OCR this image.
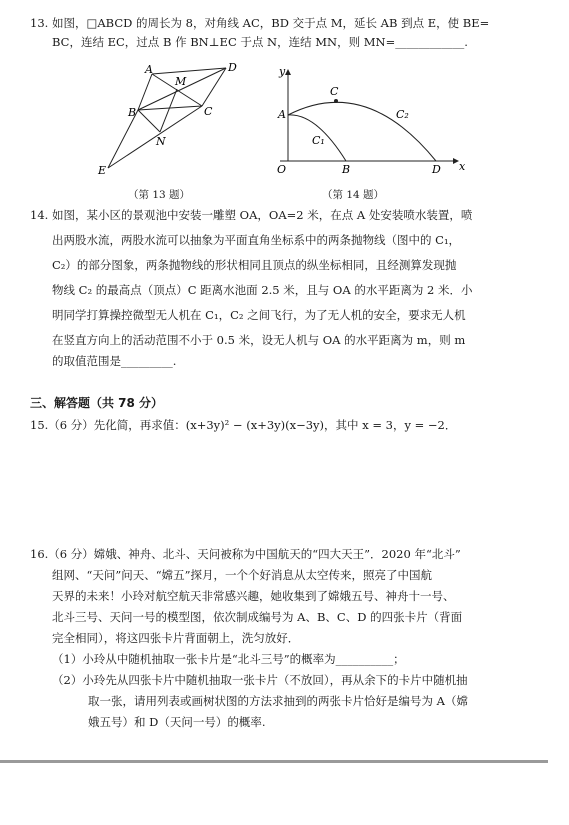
13. 如图，□ABCD 的周长为 8，对角线 AC，BD 交于点 M，延长 AB 到点 E，使 BE=
BC，连结 EC，过点 B 作 BN⊥EC 于点 N，连结 MN，则 MN=____________.
A	D
M
B	C
N
E
（第 13 题）
y
x
O
A
C
C₁
C₂
B	D
（第 14 题）
14. 如图，某小区的景观池中安装一雕塑 OA，OA=2 米，在点 A 处安装喷水装置，喷
出两股水流，两股水流可以抽象为平面直角坐标系中的两条抛物线（图中的 C₁，
C₂）的部分图象，两条抛物线的形状相同且顶点的纵坐标相同，且经测算发现抛
物线 C₂ 的最高点（顶点）C 距离水池面 2.5 米，且与 OA 的水平距离为 2 米．小
明同学打算操控微型无人机在 C₁，C₂ 之间飞行，为了无人机的安全，要求无人机
在竖直方向上的活动范围不小于 0.5 米，设无人机与 OA 的水平距离为 m，则 m
的取值范围是_________.
三、解答题（共 78 分）
15.（6 分）先化简，再求值：(x+3y)² − (x+3y)(x−3y)，其中 x = 3，y = −2．
16.（6 分）嫦娥、神舟、北斗、天问被称为中国航天的“四大天王”．2020 年“北斗”
组网、“天问”问天、“嫦五”探月，一个个好消息从太空传来，照亮了中国航
天界的未来！小玲对航空航天非常感兴趣，她收集到了嫦娥五号、神舟十一号、
北斗三号、天问一号的模型图，依次制成编号为 A、B、C、D 的四张卡片（背面
完全相同），将这四张卡片背面朝上，洗匀放好．
（1）小玲从中随机抽取一张卡片是“北斗三号”的概率为__________；
（2）小玲先从四张卡片中随机抽取一张卡片（不放回），再从余下的卡片中随机抽
取一张，请用列表或画树状图的方法求抽到的两张卡片恰好是编号为 A（嫦
娥五号）和 D（天问一号）的概率.
